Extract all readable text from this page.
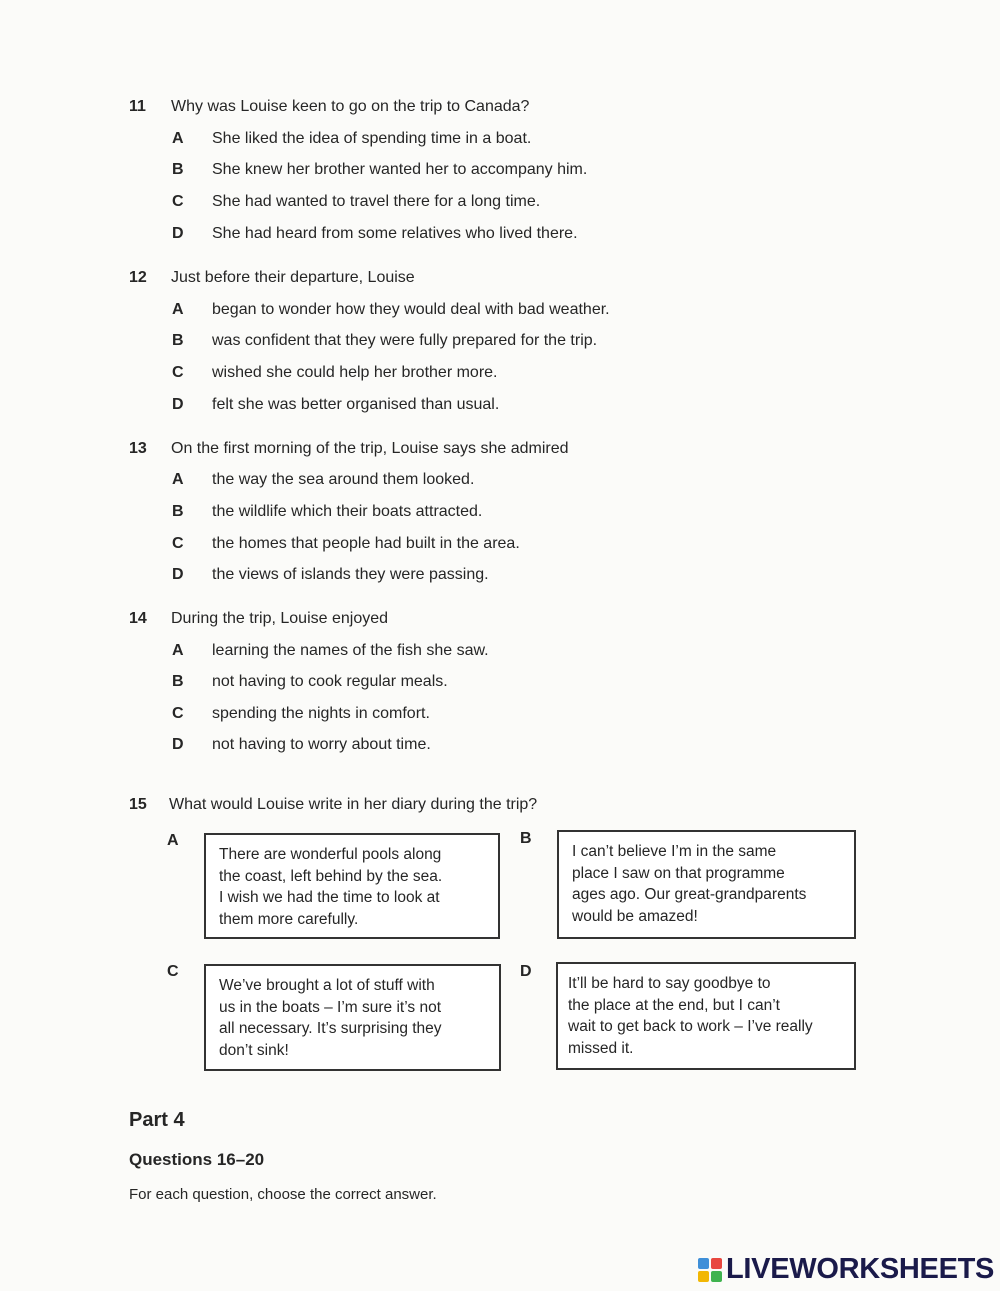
11 Why was Louise keen to go on the trip to Canada?
A She liked the idea of spending time in a boat.
B She knew her brother wanted her to accompany him.
C She had wanted to travel there for a long time.
D She had heard from some relatives who lived there.
12 Just before their departure, Louise
A began to wonder how they would deal with bad weather.
B was confident that they were fully prepared for the trip.
C wished she could help her brother more.
D felt she was better organised than usual.
13 On the first morning of the trip, Louise says she admired
A the way the sea around them looked.
B the wildlife which their boats attracted.
C the homes that people had built in the area.
D the views of islands they were passing.
14 During the trip, Louise enjoyed
A learning the names of the fish she saw.
B not having to cook regular meals.
C spending the nights in comfort.
D not having to worry about time.
15 What would Louise write in her diary during the trip?
A
There are wonderful pools along
the coast, left behind by the sea.
I wish we had the time to look at
them more carefully.
B
I can’t believe I’m in the same
place I saw on that programme
ages ago. Our great-grandparents
would be amazed!
C
We’ve brought a lot of stuff with
us in the boats – I’m sure it’s not
all necessary. It’s surprising they
don’t sink!
D
It’ll be hard to say goodbye to
the place at the end, but I can’t
wait to get back to work – I’ve really
missed it.
Part 4
Questions 16–20
For each question, choose the correct answer.
LIVEWORKSHEETS
